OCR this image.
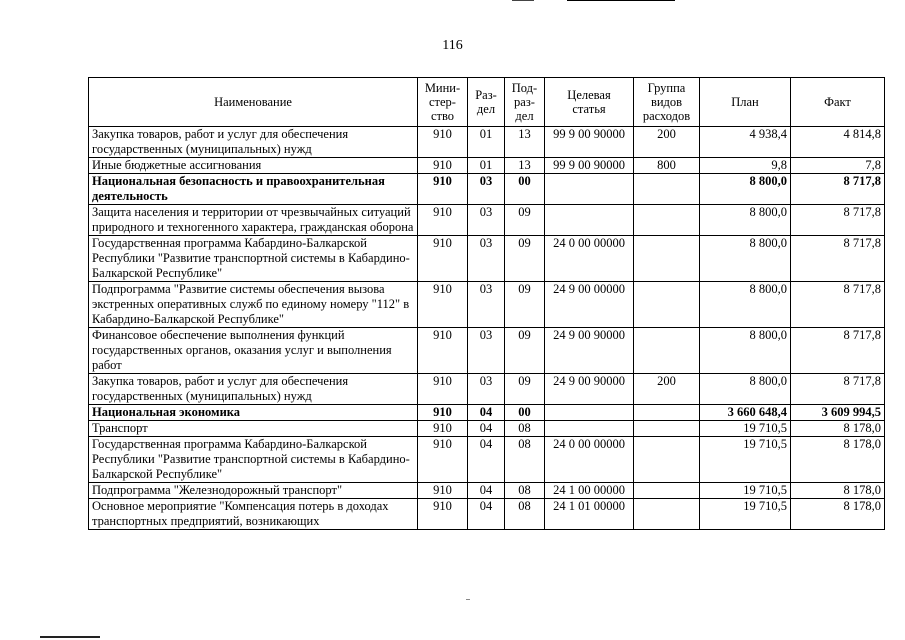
116
Наименование	Мини-
стер-
ство	Раз-
дел	Под-
раз-
дел	Целевая
статья	Группа
видов
расходов	План	Факт
Закупка товаров, работ и услуг для обеспечения государственных (муниципальных) нужд	910	01	13	99 9 00 90000	200	4 938,4	4 814,8
Иные бюджетные ассигнования	910	01	13	99 9 00 90000	800	9,8	7,8
Национальная безопасность и правоохранительная деятельность	910	03	00			8 800,0	8 717,8
Защита населения и территории от чрезвычайных ситуаций природного и техногенного характера, гражданская оборона	910	03	09			8 800,0	8 717,8
Государственная программа Кабардино-Балкарской Республики "Развитие транспортной системы в Кабардино-Балкарской Республике"	910	03	09	24 0 00 00000		8 800,0	8 717,8
Подпрограмма "Развитие системы обеспечения вызова экстренных оперативных служб по единому номеру "112" в Кабардино-Балкарской Республике"	910	03	09	24 9 00 00000		8 800,0	8 717,8
Финансовое обеспечение выполнения функций государственных органов, оказания услуг и выполнения работ	910	03	09	24 9 00 90000		8 800,0	8 717,8
Закупка товаров, работ и услуг для обеспечения государственных (муниципальных) нужд	910	03	09	24 9 00 90000	200	8 800,0	8 717,8
Национальная экономика	910	04	00			3 660 648,4	3 609 994,5
Транспорт	910	04	08			19 710,5	8 178,0
Государственная программа Кабардино-Балкарской Республики "Развитие транспортной системы в Кабардино-Балкарской Республике"	910	04	08	24 0 00 00000		19 710,5	8 178,0
Подпрограмма "Железнодорожный транспорт"	910	04	08	24 1 00 00000		19 710,5	8 178,0
Основное мероприятие "Компенсация потерь в доходах транспортных предприятий, возникающих	910	04	08	24 1 01 00000		19 710,5	8 178,0
